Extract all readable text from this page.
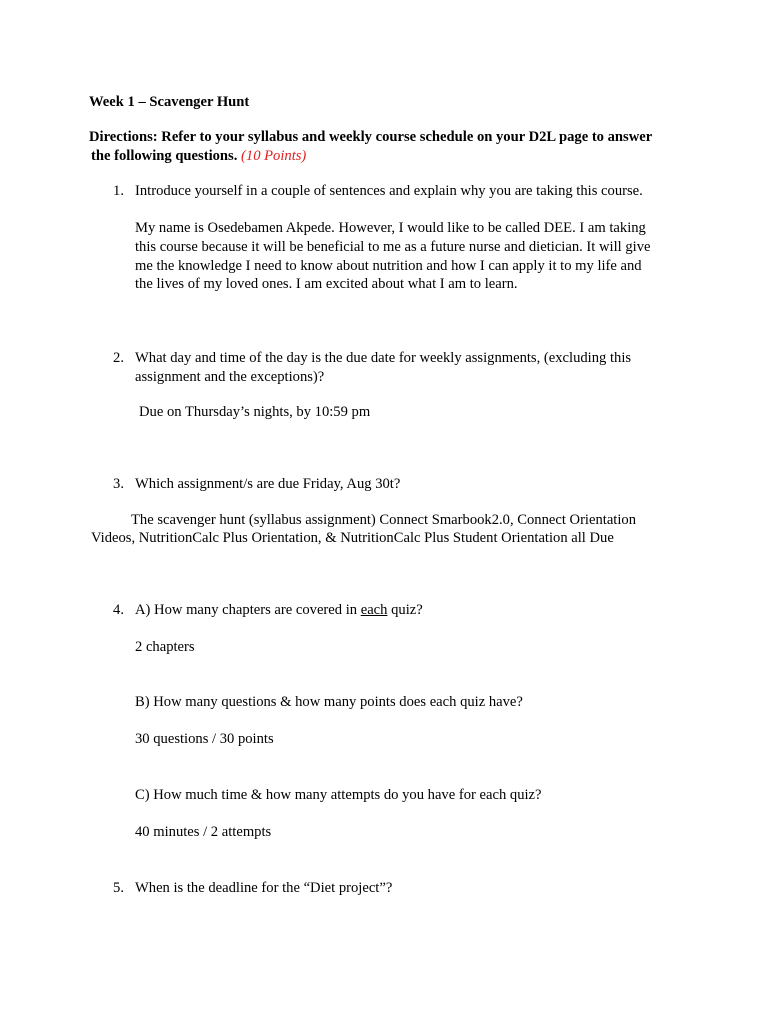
Week 1 – Scavenger Hunt
Directions: Refer to your syllabus and weekly course schedule on your D2L page to answer
the following questions. (10 Points)
1. Introduce yourself in a couple of sentences and explain why you are taking this course.
My name is Osedebamen Akpede. However, I would like to be called DEE. I am taking
this course because it will be beneficial to me as a future nurse and dietician. It will give
me the knowledge I need to know about nutrition and how I can apply it to my life and
the lives of my loved ones. I am excited about what I am to learn.
2. What day and time of the day is the due date for weekly assignments, (excluding this
assignment and the exceptions)?
Due on Thursday’s nights, by 10:59 pm
3. Which assignment/s are due Friday, Aug 30t?
The scavenger hunt (syllabus assignment) Connect Smarbook2.0, Connect Orientation
Videos, NutritionCalc Plus Orientation, & NutritionCalc Plus Student Orientation all Due
4. A) How many chapters are covered in each quiz?
2 chapters
B) How many questions & how many points does each quiz have?
30 questions / 30 points
C) How much time & how many attempts do you have for each quiz?
40 minutes / 2 attempts
5. When is the deadline for the “Diet project”?
